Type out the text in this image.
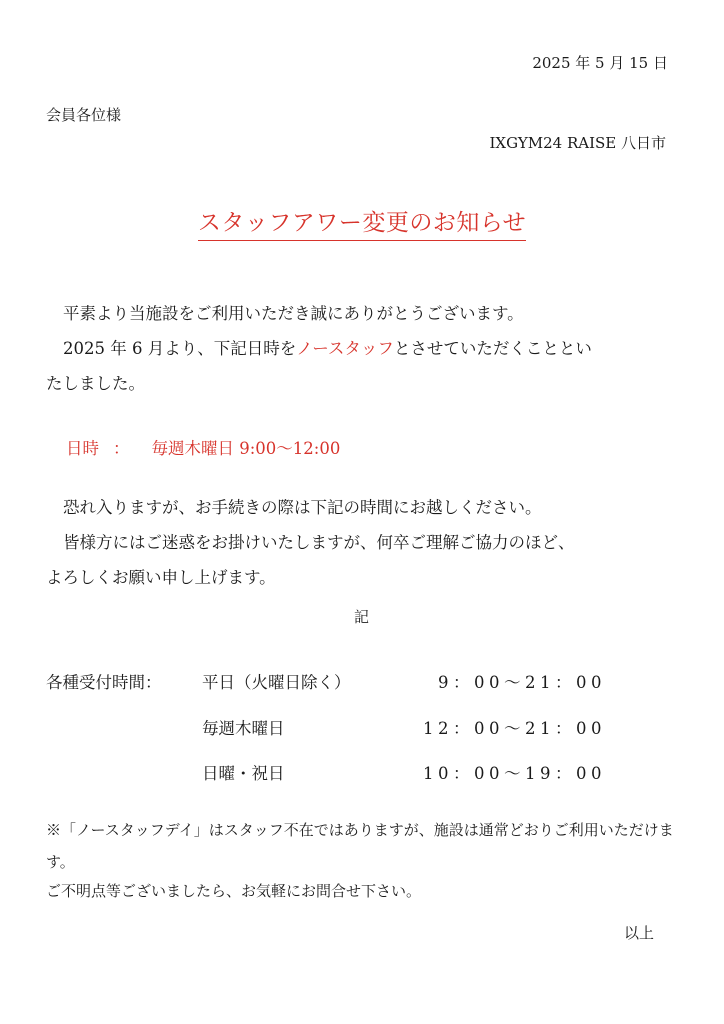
2025 年 5 月 15 日
会員各位様
IXGYM24 RAISE 八日市
スタッフアワー変更のお知らせ
平素より当施設をご利用いただき誠にありがとうございます。
2025 年 6 月より、下記日時をノースタッフとさせていただくこととい
たしました。
日時 ： 毎週木曜日 9:00～12:00
恐れ入りますが、お手続きの際は下記の時間にお越しください。
皆様方にはご迷惑をお掛けいたしますが、何卒ご理解ご協力のほど、
よろしくお願い申し上げます。
記
各種受付時間： 平日（火曜日除く）	9：00～21：00
毎週木曜日	12：00～21：00
日曜・祝日	10：00～19：00
※「ノースタッフデイ」はスタッフ不在ではありますが、施設は通常どおりご利用いただけます。
ご不明点等ございましたら、お気軽にお問合せ下さい。
以上
